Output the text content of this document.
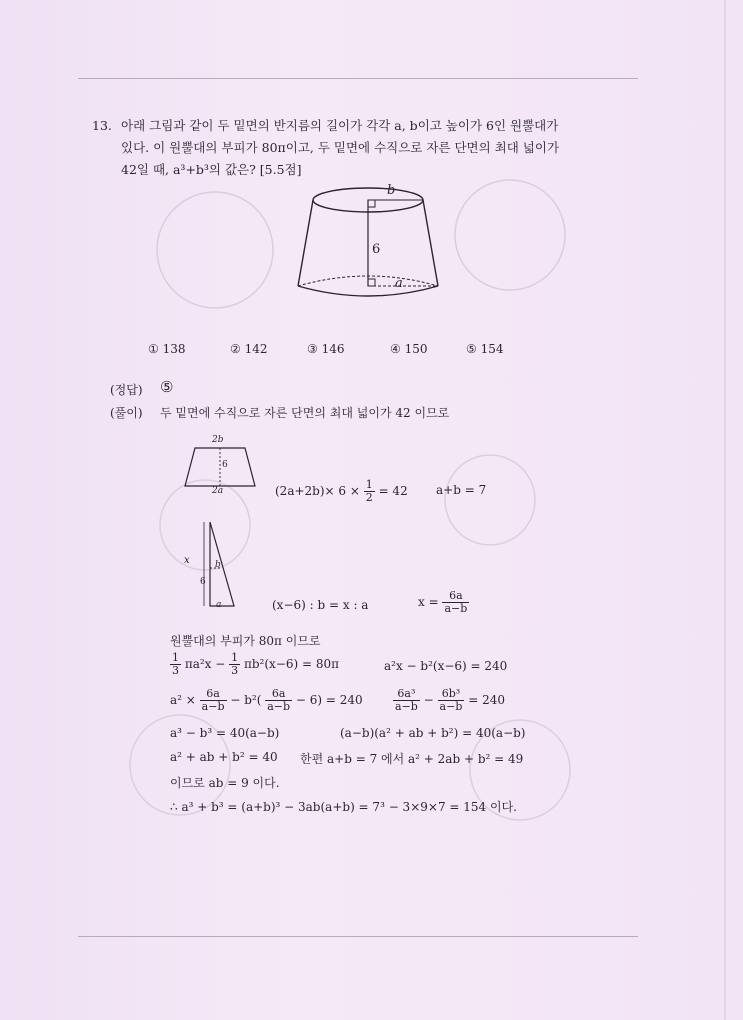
13. 아래 그림과 같이 두 밑면의 반지름의 길이가 각각 a, b이고 높이가 6인 원뿔대가
있다. 이 원뿔대의 부피가 80π이고, 두 밑면에 수직으로 자른 단면의 최대 넓이가
42일 때, a³+b³의 값은? [5.5점]
b
6
a
① 138	② 142	③ 146	④ 150	⑤ 154
(정답) ⑤
(풀이) 두 밑면에 수직으로 자른 단면의 최대 넓이가 42 이므로
2b
2a
6
$(2a+2b)\times 6 \times \frac{1}{2} = 42$ a+b = 7
x	b
6
a	(x−6) : b = x : a	$x = \frac{6a}{a-b}$
원뿔대의 부피가 80π 이므로
$\frac{1}{3} \pi a^2x - \frac{1}{3} \pi b^2(x-6) = 80\pi$	a²x − b²(x−6) = 240
$a^2 \times \frac{6a}{a-b} - b^2( \frac{6a}{a-b} - 6) = 240$	$\frac{\text{6a³}}{a-b} - \frac{\text{6b³}}{a-b} = 240$
a³ − b³ = 40(a−b)	(a−b)(a² + ab + b²) = 40(a−b)
a² + ab + b² = 40 한편 a+b = 7 에서 a² + 2ab + b² = 49
이므로 ab = 9 이다.
∴ a³ + b³ = (a+b)³ − 3ab(a+b) = 7³ − 3×9×7 = 154 이다.
